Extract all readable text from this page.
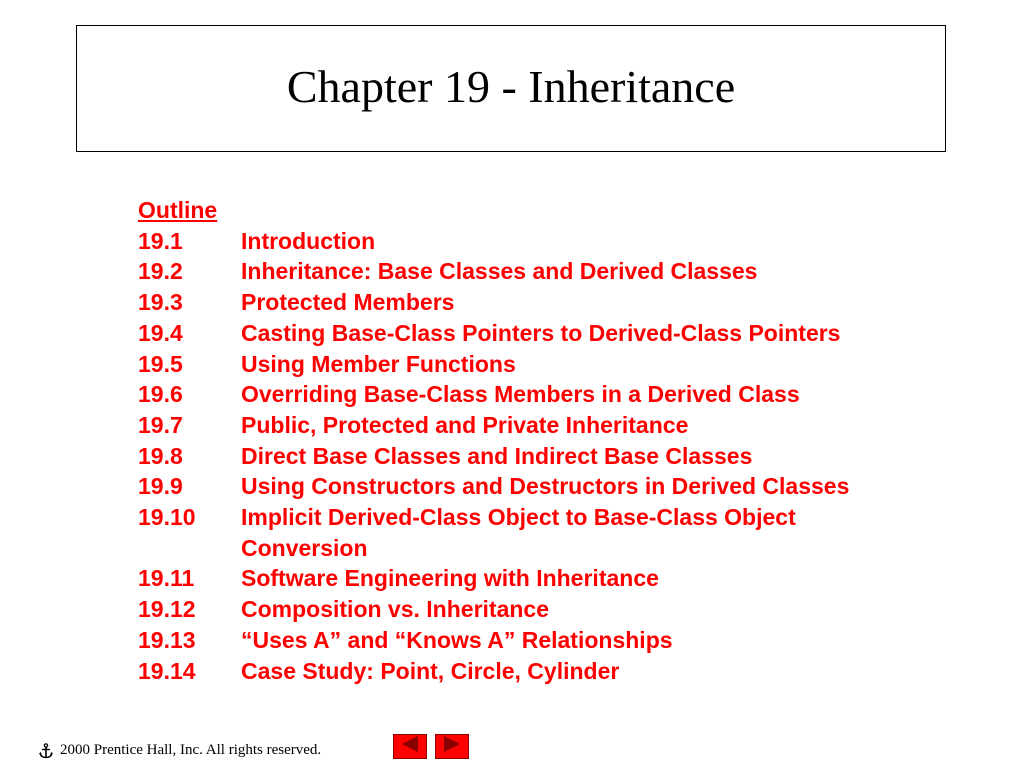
Chapter 19 - Inheritance
Outline
19.1	Introduction
19.2	Inheritance: Base Classes and Derived Classes
19.3	Protected Members
19.4	Casting Base-Class Pointers to Derived-Class Pointers
19.5	Using Member Functions
19.6	Overriding Base-Class Members in a Derived Class
19.7	Public, Protected and Private Inheritance
19.8	Direct Base Classes and Indirect Base Classes
19.9	Using Constructors and Destructors in Derived Classes
19.10	Implicit Derived-Class Object to Base-Class Object
Conversion
19.11	Software Engineering with Inheritance
19.12	Composition vs. Inheritance
19.13	“Uses A” and “Knows A” Relationships
19.14	Case Study: Point, Circle, Cylinder
2000 Prentice Hall, Inc. All rights reserved.
